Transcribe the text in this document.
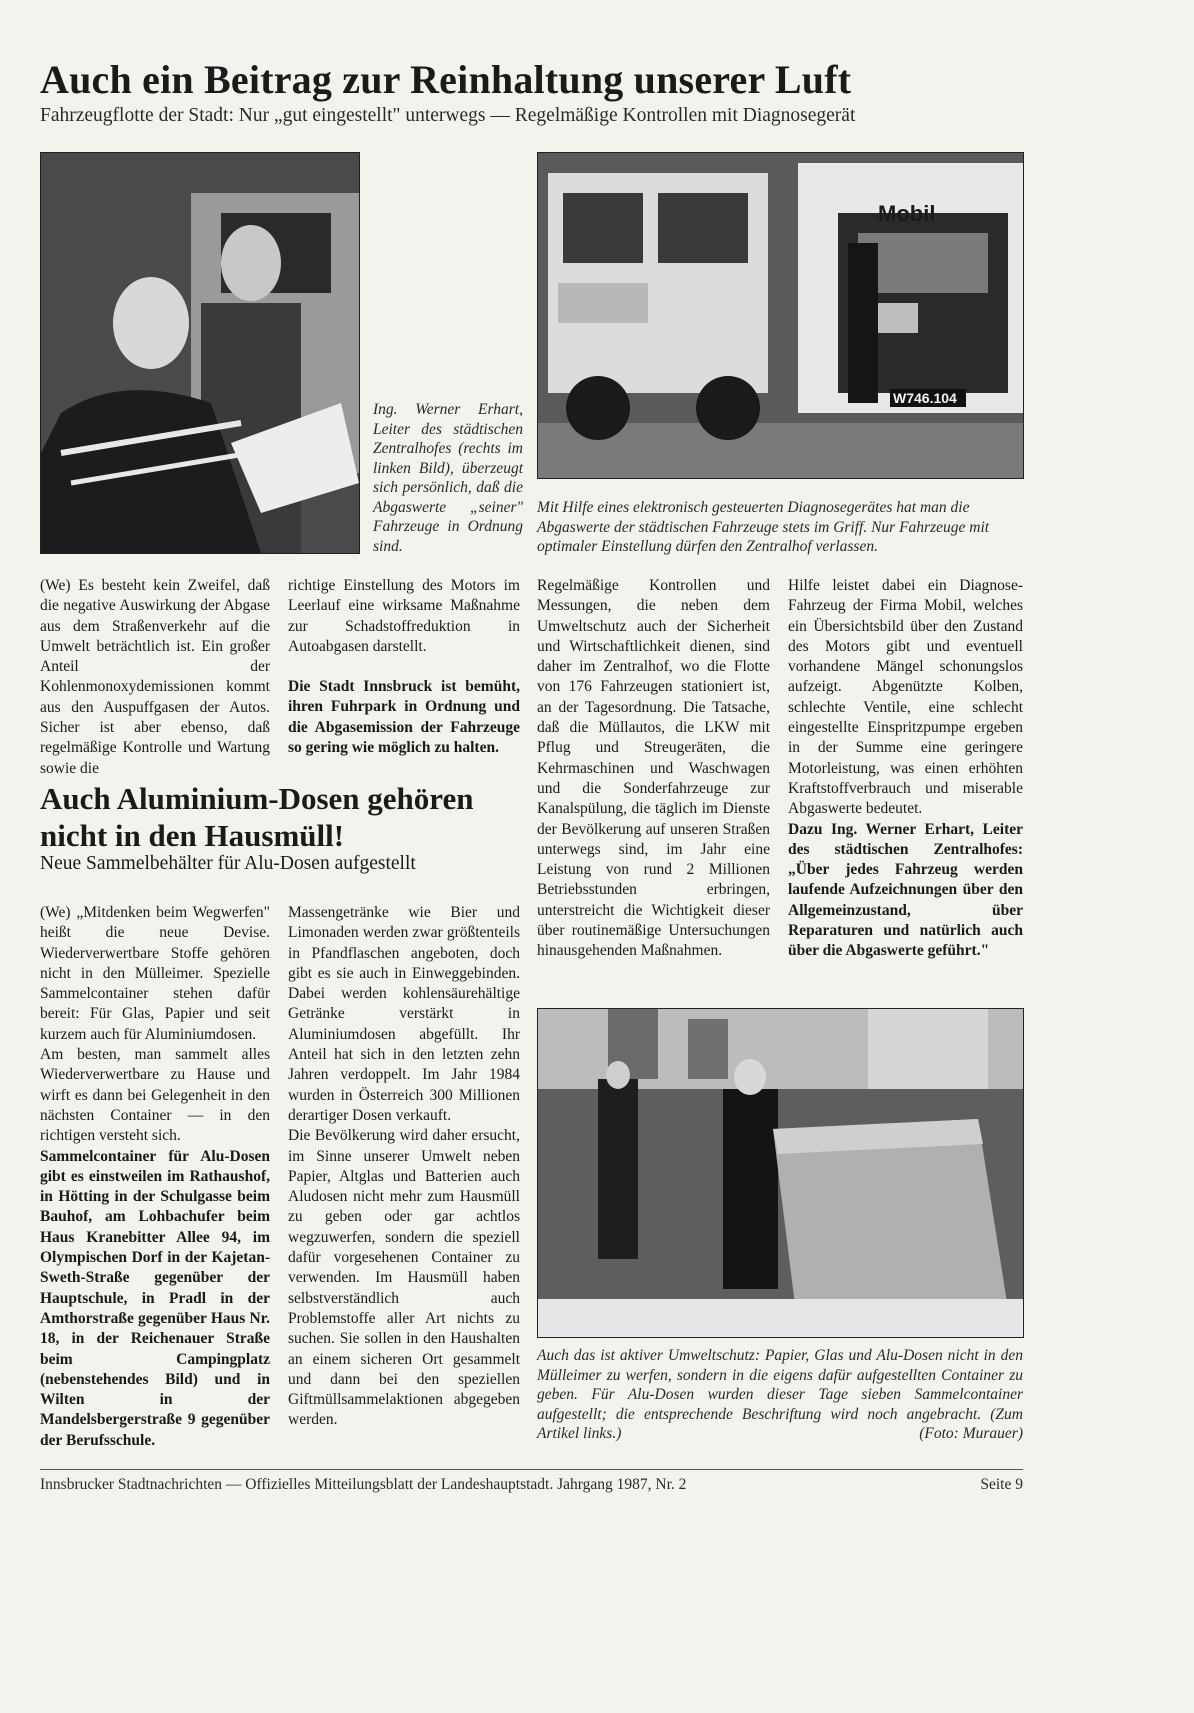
Auch ein Beitrag zur Reinhaltung unserer Luft
Fahrzeugflotte der Stadt: Nur „gut eingestellt" unterwegs — Regelmäßige Kontrollen mit Diagnosegerät
Ing. Werner Erhart, Leiter des städtischen Zentralhofes (rechts im linken Bild), überzeugt sich persönlich, daß die Abgaswerte „seiner" Fahrzeuge in Ordnung sind.
Mobil
W746.104
Mit Hilfe eines elektronisch gesteuerten Diagnosegerätes hat man die Abgaswerte der städtischen Fahrzeuge stets im Griff. Nur Fahrzeuge mit optimaler Einstellung dürfen den Zentralhof verlassen.

(We) Es besteht kein Zweifel, daß die negative Auswirkung der Abgase aus dem Straßenverkehr auf die Umwelt beträchtlich ist. Ein großer Anteil der Kohlenmonoxydemissionen kommt aus den Auspuffgasen der Autos. Sicher ist aber ebenso, daß regelmäßige Kontrolle und Wartung sowie die

richtige Einstellung des Motors im Leerlauf eine wirksame Maßnahme zur Schadstoffreduktion in Autoabgasen darstellt.

Die Stadt Innsbruck ist bemüht, ihren Fuhrpark in Ordnung und die Abgasemission der Fahrzeuge so gering wie möglich zu halten.

Regelmäßige Kontrollen und Messungen, die neben dem Umweltschutz auch der Sicherheit und Wirtschaftlichkeit dienen, sind daher im Zentralhof, wo die Flotte von 176 Fahrzeugen stationiert ist, an der Tagesordnung. Die Tatsache, daß die Müllautos, die LKW mit Pflug und Streugeräten, die Kehrmaschinen und Waschwagen und die Sonderfahrzeuge zur Kanalspülung, die täglich im Dienste der Bevölkerung auf unseren Straßen unterwegs sind, im Jahr eine Leistung von rund 2 Millionen Betriebsstunden erbringen, unterstreicht die Wichtigkeit dieser über routinemäßige Untersuchungen hinausgehenden Maßnahmen.

Hilfe leistet dabei ein Diagnose-Fahrzeug der Firma Mobil, welches ein Übersichtsbild über den Zustand des Motors gibt und eventuell vorhandene Mängel schonungslos aufzeigt. Abgenützte Kolben, schlechte Ventile, eine schlecht eingestellte Einspritzpumpe ergeben in der Summe eine geringere Motorleistung, was einen erhöhten Kraftstoffverbrauch und miserable Abgaswerte bedeutet.

Dazu Ing. Werner Erhart, Leiter des städtischen Zentralhofes: „Über jedes Fahrzeug werden laufende Aufzeichnungen über den Allgemeinzustand, über Reparaturen und natürlich auch über die Abgaswerte geführt."

Auch Aluminium-Dosen gehören nicht in den Hausmüll!
Neue Sammelbehälter für Alu-Dosen aufgestellt

(We) „Mitdenken beim Wegwerfen" heißt die neue Devise. Wiederverwertbare Stoffe gehören nicht in den Mülleimer. Spezielle Sammelcontainer stehen dafür bereit: Für Glas, Papier und seit kurzem auch für Aluminiumdosen.

Am besten, man sammelt alles Wiederverwertbare zu Hause und wirft es dann bei Gelegenheit in den nächsten Container — in den richtigen versteht sich.

Sammelcontainer für Alu-Dosen gibt es einstweilen im Rathaushof, in Hötting in der Schulgasse beim Bauhof, am Lohbachufer beim Haus Kranebitter Allee 94, im Olympischen Dorf in der Kajetan-Sweth-Straße gegenüber der Hauptschule, in Pradl in der Amthorstraße gegenüber Haus Nr. 18, in der Reichenauer Straße beim Campingplatz (nebenstehendes Bild) und in Wilten in der Mandelsbergerstraße 9 gegenüber der Berufsschule.

Massengetränke wie Bier und Limonaden werden zwar größtenteils in Pfandflaschen angeboten, doch gibt es sie auch in Einweggebinden. Dabei werden kohlensäurehältige Getränke verstärkt in Aluminiumdosen abgefüllt. Ihr Anteil hat sich in den letzten zehn Jahren verdoppelt. Im Jahr 1984 wurden in Österreich 300 Millionen derartiger Dosen verkauft.

Die Bevölkerung wird daher ersucht, im Sinne unserer Umwelt neben Papier, Altglas und Batterien auch Aludosen nicht mehr zum Hausmüll zu geben oder gar achtlos wegzuwerfen, sondern die speziell dafür vorgesehenen Container zu verwenden. Im Hausmüll haben selbstverständlich auch Problemstoffe aller Art nichts zu suchen. Sie sollen in den Haushalten an einem sicheren Ort gesammelt und dann bei den speziellen Giftmüllsammelaktionen abgegeben werden.

Auch das ist aktiver Umweltschutz: Papier, Glas und Alu-Dosen nicht in den Mülleimer zu werfen, sondern in die eigens dafür aufgestellten Container zu geben. Für Alu-Dosen wurden dieser Tage sieben Sammelcontainer aufgestellt; die entsprechende Beschriftung wird noch angebracht. (Zum Artikel links.)	(Foto: Murauer)
Innsbrucker Stadtnachrichten — Offizielles Mitteilungsblatt der Landeshauptstadt. Jahrgang 1987, Nr. 2	Seite 9
